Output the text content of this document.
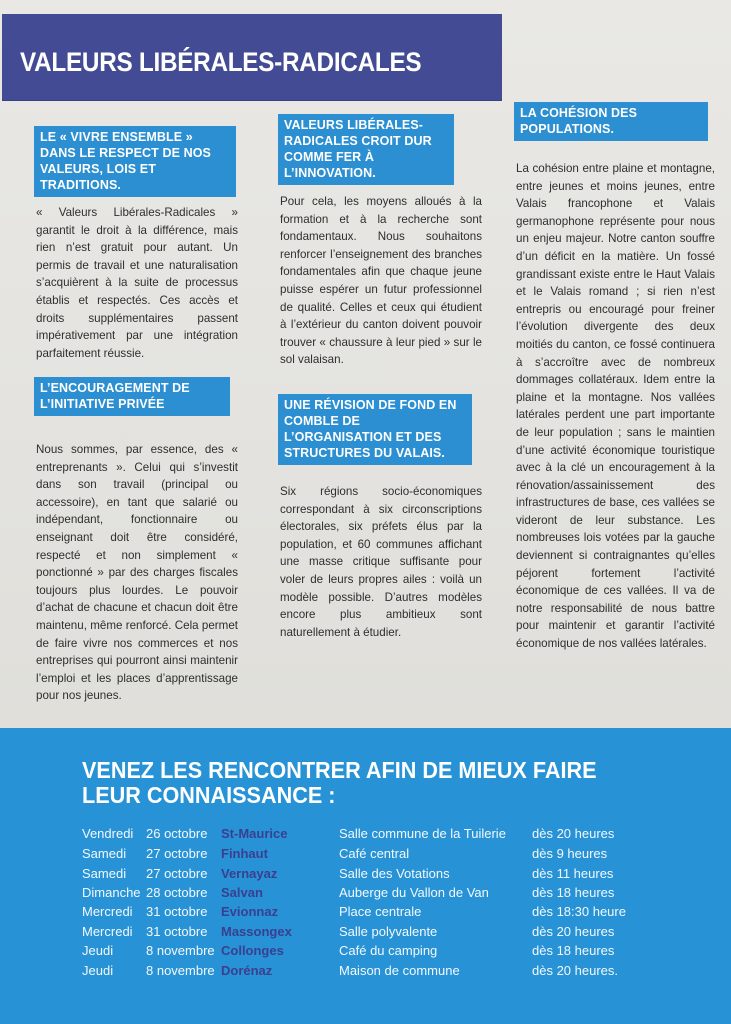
VALEURS LIBÉRALES-RADICALES
LE « VIVRE ENSEMBLE » DANS LE RESPECT DE NOS VALEURS, LOIS ET TRADITIONS.
« Valeurs Libérales-Radicales » garantit le droit à la différence, mais rien n’est gratuit pour autant. Un permis de travail et une naturalisation s’acquièrent à la suite de processus établis et respectés. Ces accès et droits supplémentaires passent impérativement par une intégration parfaitement réussie.
VALEURS LIBÉRALES-RADICALES CROIT DUR COMME FER À L’INNOVATION.
Pour cela, les moyens alloués à la formation et à la recherche sont fondamentaux. Nous souhaitons renforcer l’enseignement des branches fondamentales afin que chaque jeune puisse espérer un futur professionnel de qualité. Celles et ceux qui étudient à l’extérieur du canton doivent pouvoir trouver « chaussure à leur pied » sur le sol valaisan.
LA COHÉSION DES POPULATIONS.
La cohésion entre plaine et montagne, entre jeunes et moins jeunes, entre Valais francophone et Valais germanophone représente pour nous un enjeu majeur. Notre canton souffre d’un déficit en la matière. Un fossé grandissant existe entre le Haut Valais et le Valais romand ; si rien n’est entrepris ou encouragé pour freiner l’évolution divergente des deux moitiés du canton, ce fossé continuera à s’accroître avec de nombreux dommages collatéraux. Idem entre la plaine et la montagne. Nos vallées latérales perdent une part importante de leur population ; sans le maintien d’une activité économique touristique avec à la clé un encouragement à la rénovation/assainissement des infrastructures de base, ces vallées se videront de leur substance. Les nombreuses lois votées par la gauche deviennent si contraignantes qu’elles péjorent fortement l’activité économique de ces vallées. Il va de notre responsabilité de nous battre pour maintenir et garantir l’activité économique de nos vallées latérales.
L’ENCOURAGEMENT DE L’INITIATIVE PRIVÉE
Nous sommes, par essence, des « entreprenants ». Celui qui s’investit dans son travail (principal ou accessoire), en tant que salarié ou indépendant, fonctionnaire ou enseignant doit être considéré, respecté et non simplement « ponctionné » par des charges fiscales toujours plus lourdes. Le pouvoir d’achat de chacune et chacun doit être maintenu, même renforcé. Cela permet de faire vivre nos commerces et nos entreprises qui pourront ainsi maintenir l’emploi et les places d’apprentissage pour nos jeunes.
UNE RÉVISION DE FOND EN COMBLE DE L’ORGANISATION ET DES STRUCTURES DU VALAIS.
Six régions socio-économiques correspondant à six circonscriptions électorales, six préfets élus par la population, et 60 communes affichant une masse critique suffisante pour voler de leurs propres ailes : voilà un modèle possible. D’autres modèles encore plus ambitieux sont naturellement à étudier.
VENEZ LES RENCONTRER AFIN DE MIEUX FAIRE
LEUR CONNAISSANCE :
Vendredi 26 octobre St-Maurice	Salle commune de la Tuilerie dès 20 heures
Samedi 27 octobre Finhaut	Café central	dès 9 heures
Samedi 27 octobre Vernayaz	Salle des Votations	dès 11 heures
Dimanche 28 octobre Salvan	Auberge du Vallon de Van	dès 18 heures
Mercredi 31 octobre Evionnaz	Place centrale	dès 18:30 heure
Mercredi 31 octobre Massongex	Salle polyvalente	dès 20 heures
Jeudi	8 novembre Collonges	Café du camping	dès 18 heures
Jeudi	8 novembre Dorénaz	Maison de commune	dès 20 heures.
